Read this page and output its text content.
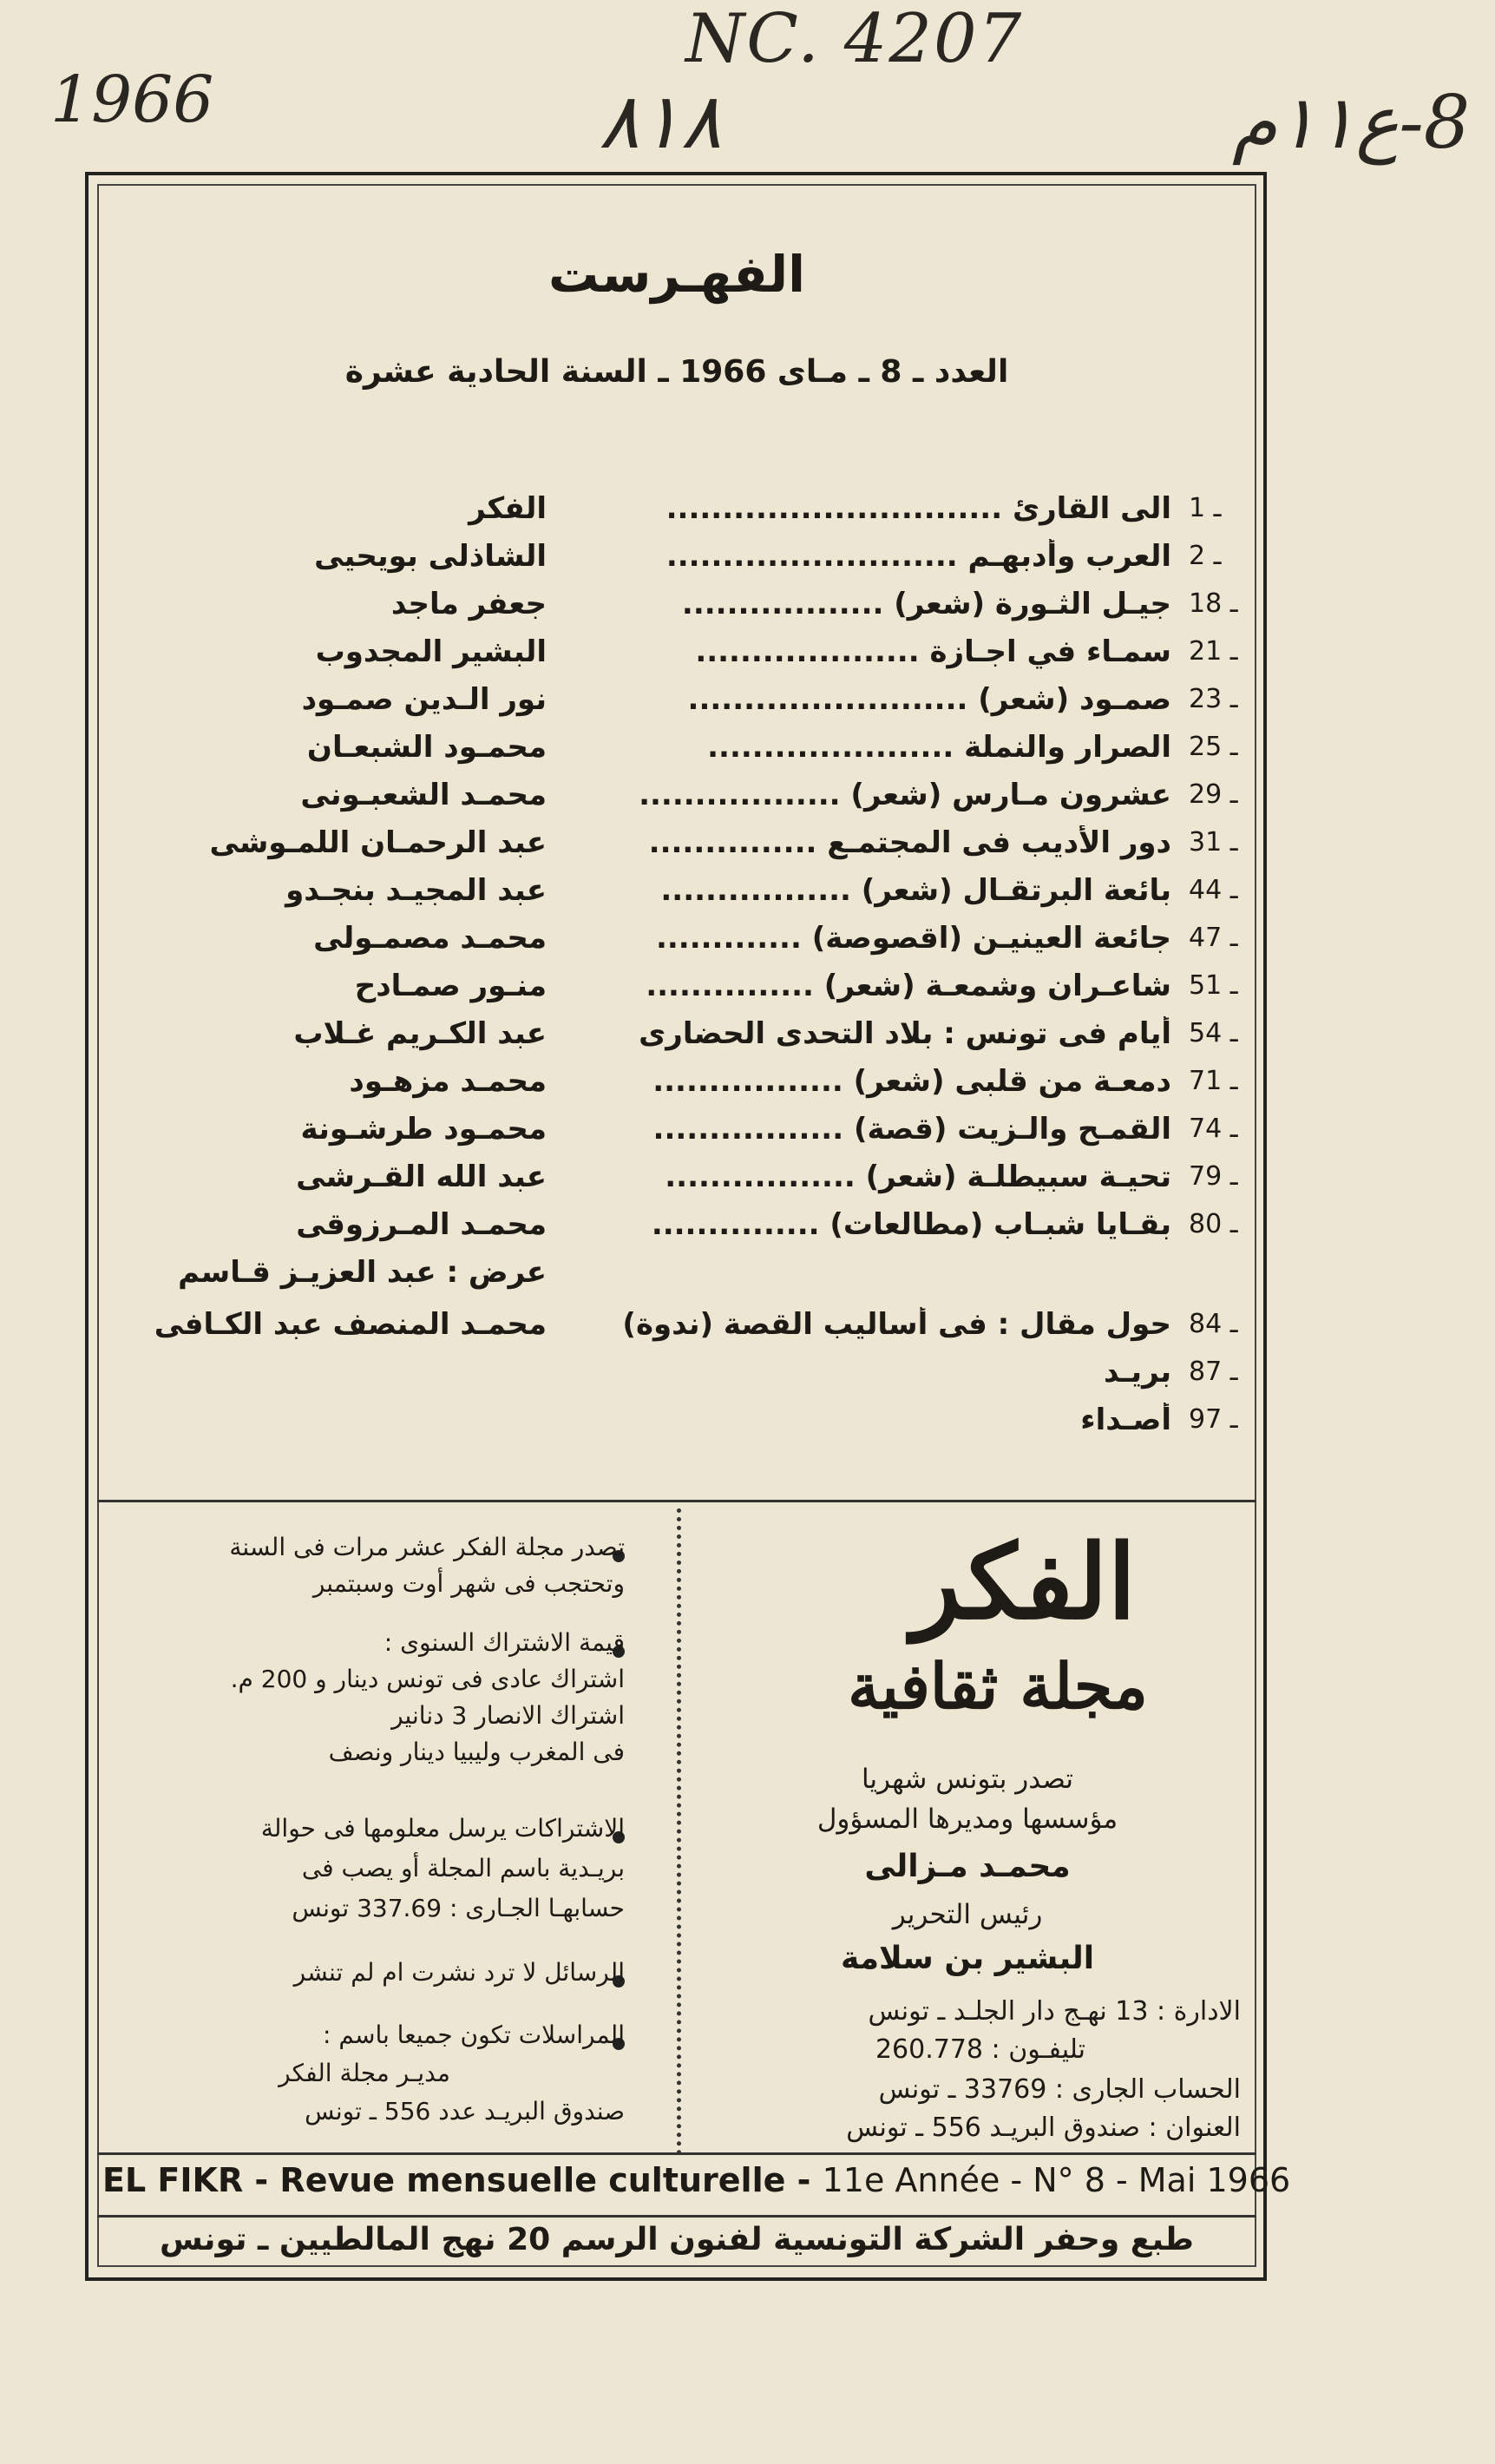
1966
NC. 4207
٨١٨	8-ع١١م
الفهـرست
العدد ـ 8 ـ مـاى 1966 ـ السنة الحادية عشرة
الفكر	الى القارئ .............................. 1 ـ
الشاذلى بويحيى	العرب وأدبهـم .......................... 2 ـ
جعفر ماجد	جيـل الثـورة (شعر) .................. 18 ـ
البشير المجدوب	سمـاء في اجـازة .................... 21 ـ
نور الـدين صمـود	صمـود (شعر) ......................... 23 ـ
محمـود الشبعـان	الصرار والنملة ...................... 25 ـ
محمـد الشعبـونى	عشرون مـارس (شعر) .................. 29 ـ
عبد الرحمـان اللمـوشى	دور الأديب فى المجتمـع ............... 31 ـ
عبد المجيـد بنجـدو	بائعة البرتقـال (شعر) ................. 44 ـ
محمـد مصمـولى	جائعة العينيـن (اقصوصة) ............. 47 ـ
منـور صمـادح	شاعـران وشمعـة (شعر) ............... 51 ـ
عبد الكـريم غـلاب	أيام فى تونس : بلاد التحدى الحضارى 54 ـ
محمـد مزهـود	دمعـة من قلبى (شعر) ................. 71 ـ
محمـود طرشـونة	القمـح والـزيت (قصة) ................. 74 ـ
عبد الله القـرشى	تحيـة سبيطلـة (شعر) ................. 79 ـ
محمـد المـرزوقى	بقـايا شبـاب (مطالعات) ............... 80 ـ
عرض : عبد العزيـز قـاسم
محمـد المنصف عبد الكـافى	حول مقال : فى أساليب القصة (ندوة) 84 ـ
بريـد 87 ـ
أصـداء 97 ـ
الفكر
مجلة ثقافية
تصدر بتونس شهريا
مؤسسها ومديرها المسؤول
محمـد مـزالى
رئيس التحرير
البشير بن سلامة
الادارة : 13 نهـج دار الجلـد ـ تونس
تليفـون : 260.778
الحساب الجارى : 33769 ـ تونس
العنوان : صندوق البريـد 556 ـ تونس
تصدر مجلة الفكر عشر مرات فى السنة
وتحتجب فى شهر أوت وسبتمبر
قيمة الاشتراك السنوى :
اشتراك عادى فى تونس دينار و 200 م.
اشتراك الانصار 3 دنانير
فى المغرب وليبيا دينار ونصف
الاشتراكات يرسل معلومها فى حوالة
بريـدية باسم المجلة أو يصب فى
حسابهـا الجـارى : 337.69 تونس
الرسائل لا ترد نشرت ام لم تنشر
المراسلات تكون جميعا باسم :
مديـر مجلة الفكر
صندوق البريـد عدد 556 ـ تونس
EL FIKR - Revue mensuelle culturelle - 11e Année - N° 8 - Mai 1966
طبع وحفر الشركة التونسية لفنون الرسم 20 نهج المالطيين ـ تونس
